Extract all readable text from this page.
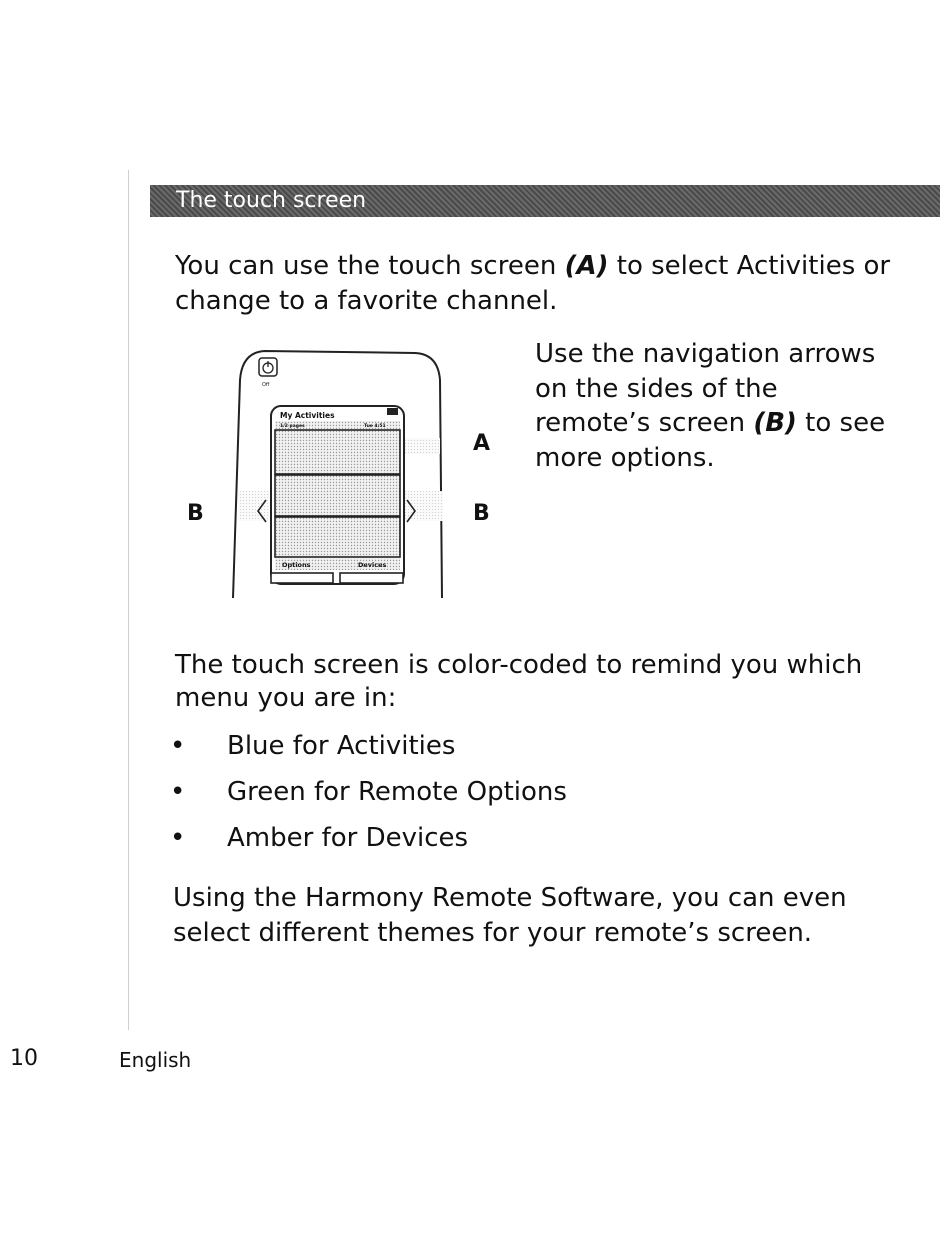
The touch screen

You can use the touch screen (A) to select Activities or change to a favorite channel.

Use the navigation arrows on the sides of the remote’s screen (B) to see more options.

Off
My Activities
1/2 pages	Tue 4:51
Options	Devices
A
B	B

The touch screen is color-coded to remind you which menu you are in:

• Blue for Activities
• Green for Remote Options
• Amber for Devices

Using the Harmony Remote Software, you can even select different themes for your remote’s screen.

10	English
